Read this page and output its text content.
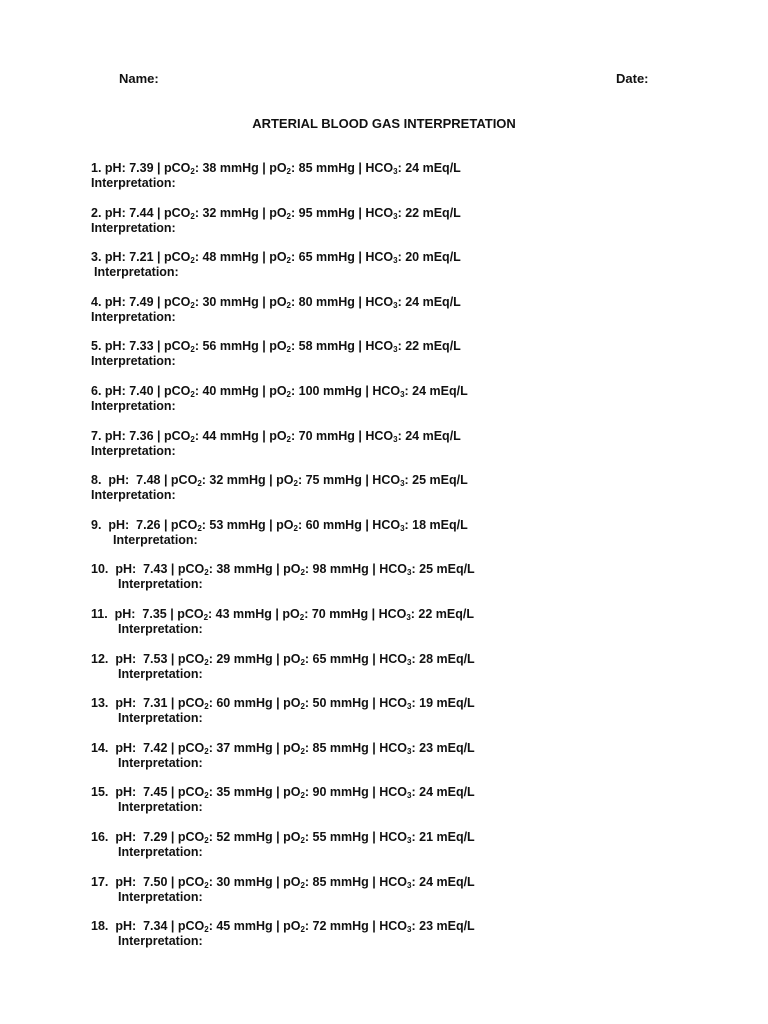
Name:	Date:
ARTERIAL BLOOD GAS INTERPRETATION
1. pH: 7.39 | pCO$_2$: 38 mmHg | $pO_2$: 85 mmHg | $HCO_3$: 24 mEq/L
Interpretation:
2. pH: 7.44 | pCO$_2$: 32 mmHg | $pO_2$: 95 mmHg | $HCO_3$: 22 mEq/L
Interpretation:
3. pH: 7.21 | pCO$_2$: 48 mmHg | $pO_2$: 65 mmHg | $HCO_3$: 20 mEq/L
Interpretation:
4. pH: 7.49 | pCO$_2$: 30 mmHg | $pO_2$: 80 mmHg | $HCO_3$: 24 mEq/L
Interpretation:
5. pH: 7.33 | pCO$_2$: 56 mmHg | $pO_2$: 58 mmHg | $HCO_3$: 22 mEq/L
Interpretation:
6. pH: 7.40 | pCO$_2$: 40 mmHg | $pO_2$: 100 mmHg | $HCO_3$: 24 mEq/L
Interpretation:
7. pH: 7.36 | pCO$_2$: 44 mmHg | $pO_2$: 70 mmHg | $HCO_3$: 24 mEq/L
Interpretation:
8.  pH:  7.48 | pCO$_2$: 32 mmHg | $pO_2$: 75 mmHg | $HCO_3$: 25 mEq/L
Interpretation:
9.  pH:  7.26 | pCO$_2$: 53 mmHg | $pO_2$: 60 mmHg | $HCO_3$: 18 mEq/L
Interpretation:
10.  pH:  7.43 | pCO$_2$: 38 mmHg | $pO_2$: 98 mmHg | $HCO_3$: 25 mEq/L
Interpretation:
11.  pH:  7.35 | pCO$_2$: 43 mmHg | $pO_2$: 70 mmHg | $HCO_3$: 22 mEq/L
Interpretation:
12.  pH:  7.53 | pCO$_2$: 29 mmHg | $pO_2$: 65 mmHg | $HCO_3$: 28 mEq/L
Interpretation:
13.  pH:  7.31 | pCO$_2$: 60 mmHg | $pO_2$: 50 mmHg | $HCO_3$: 19 mEq/L
Interpretation:
14.  pH:  7.42 | pCO$_2$: 37 mmHg | $pO_2$: 85 mmHg | $HCO_3$: 23 mEq/L
Interpretation:
15.  pH:  7.45 | pCO$_2$: 35 mmHg | $pO_2$: 90 mmHg | $HCO_3$: 24 mEq/L
Interpretation:
16.  pH:  7.29 | pCO$_2$: 52 mmHg | $pO_2$: 55 mmHg | $HCO_3$: 21 mEq/L
Interpretation:
17.  pH:  7.50 | pCO$_2$: 30 mmHg | $pO_2$: 85 mmHg | $HCO_3$: 24 mEq/L
Interpretation:
18.  pH:  7.34 | pCO$_2$: 45 mmHg | $pO_2$: 72 mmHg | $HCO_3$: 23 mEq/L
Interpretation:
